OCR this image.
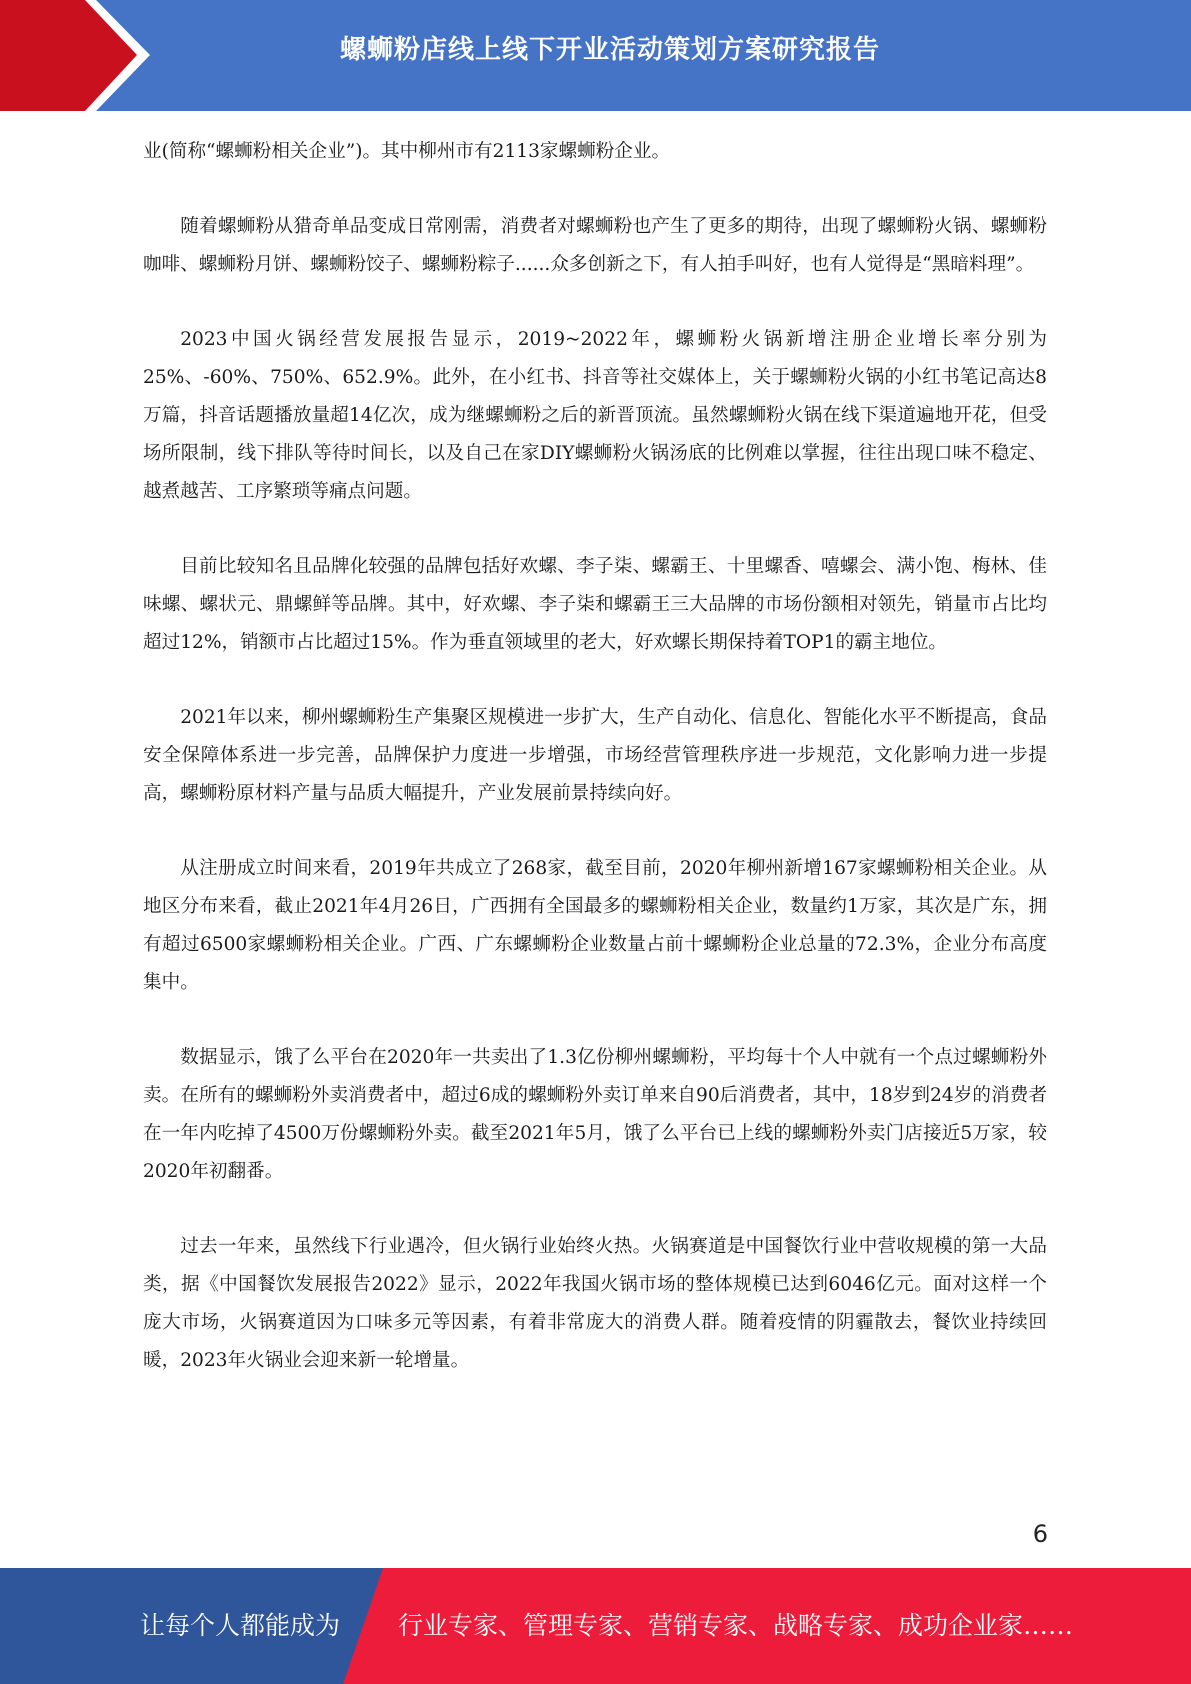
螺蛳粉店线上线下开业活动策划方案研究报告

业(简称“螺蛳粉相关企业”)。其中柳州市有2113家螺蛳粉企业。

随着螺蛳粉从猎奇单品变成日常刚需，消费者对螺蛳粉也产生了更多的期待，出现了螺蛳粉火锅、螺蛳粉咖啡、螺蛳粉月饼、螺蛳粉饺子、螺蛳粉粽子......众多创新之下，有人拍手叫好，也有人觉得是“黑暗料理”。

2023中国火锅经营发展报告显示，2019~2022年，螺蛳粉火锅新增注册企业增长率分别为25%、-60%、750%、652.9%。此外，在小红书、抖音等社交媒体上，关于螺蛳粉火锅的小红书笔记高达8万篇，抖音话题播放量超14亿次，成为继螺蛳粉之后的新晋顶流。虽然螺蛳粉火锅在线下渠道遍地开花，但受场所限制，线下排队等待时间长，以及自己在家DIY螺蛳粉火锅汤底的比例难以掌握，往往出现口味不稳定、越煮越苦、工序繁琐等痛点问题。

目前比较知名且品牌化较强的品牌包括好欢螺、李子柒、螺霸王、十里螺香、嘻螺会、满小饱、梅林、佳味螺、螺状元、鼎螺鲜等品牌。其中，好欢螺、李子柒和螺霸王三大品牌的市场份额相对领先，销量市占比均超过12%，销额市占比超过15%。作为垂直领域里的老大，好欢螺长期保持着TOP1的霸主地位。

2021年以来，柳州螺蛳粉生产集聚区规模进一步扩大，生产自动化、信息化、智能化水平不断提高，食品安全保障体系进一步完善，品牌保护力度进一步增强，市场经营管理秩序进一步规范，文化影响力进一步提高，螺蛳粉原材料产量与品质大幅提升，产业发展前景持续向好。

从注册成立时间来看，2019年共成立了268家，截至目前，2020年柳州新增167家螺蛳粉相关企业。从地区分布来看，截止2021年4月26日，广西拥有全国最多的螺蛳粉相关企业，数量约1万家，其次是广东，拥有超过6500家螺蛳粉相关企业。广西、广东螺蛳粉企业数量占前十螺蛳粉企业总量的72.3%，企业分布高度集中。

数据显示，饿了么平台在2020年一共卖出了1.3亿份柳州螺蛳粉，平均每十个人中就有一个点过螺蛳粉外卖。在所有的螺蛳粉外卖消费者中，超过6成的螺蛳粉外卖订单来自90后消费者，其中，18岁到24岁的消费者在一年内吃掉了4500万份螺蛳粉外卖。截至2021年5月，饿了么平台已上线的螺蛳粉外卖门店接近5万家，较2020年初翻番。

过去一年来，虽然线下行业遇冷，但火锅行业始终火热。火锅赛道是中国餐饮行业中营收规模的第一大品类，据《中国餐饮发展报告2022》显示，2022年我国火锅市场的整体规模已达到6046亿元。面对这样一个庞大市场，火锅赛道因为口味多元等因素，有着非常庞大的消费人群。随着疫情的阴霾散去，餐饮业持续回暖，2023年火锅业会迎来新一轮增量。

6
让每个人都能成为 行业专家、管理专家、营销专家、战略专家、成功企业家……
